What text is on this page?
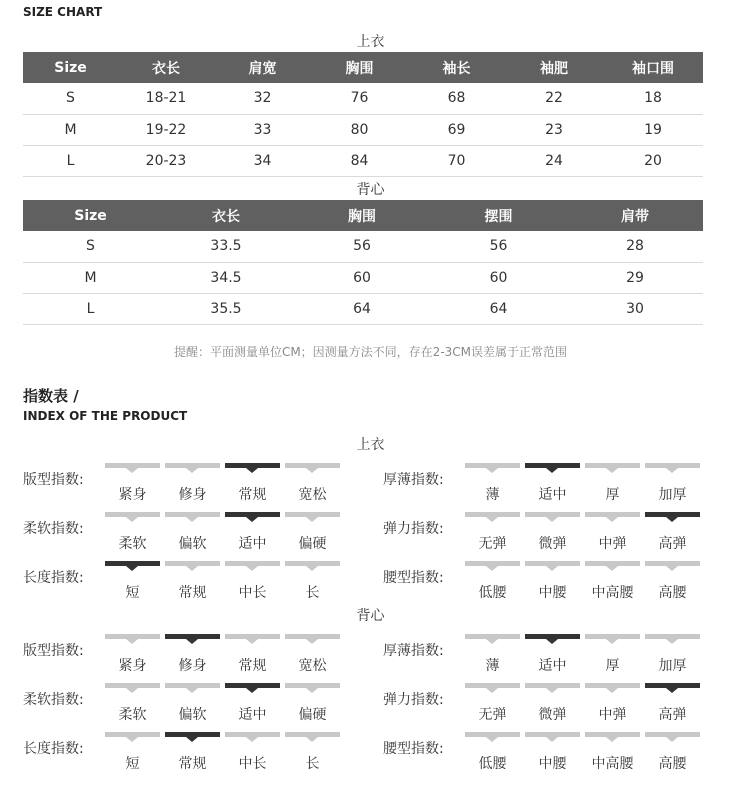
SIZE CHART
上衣
Size	衣长	肩宽	胸围	袖长	袖肥	袖口围
S	18-21	32	76	68	22	18
M	19-22	33	80	69	23	19
L	20-23	34	84	70	24	20
背心
Size	衣长	胸围	摆围	肩带
S	33.5	56	56	28
M	34.5	60	60	29
L	35.5	64	64	30
提醒：平面测量单位CM；因测量方法不同，存在2-3CM误差属于正常范围
指数表 /
INDEX OF THE PRODUCT
上衣
背心
版型指数:
紧身	修身	常规	宽松
柔软指数:
柔软	偏软	适中	偏硬
长度指数:
短	常规	中长	长
厚薄指数:
薄	适中	厚	加厚
弹力指数:
无弹	微弹	中弹	高弹
腰型指数:
低腰	中腰	中高腰	高腰
版型指数:
紧身	修身	常规	宽松
柔软指数:
柔软	偏软	适中	偏硬
长度指数:
短	常规	中长	长
厚薄指数:
薄	适中	厚	加厚
弹力指数:
无弹	微弹	中弹	高弹
腰型指数:
低腰	中腰	中高腰	高腰
